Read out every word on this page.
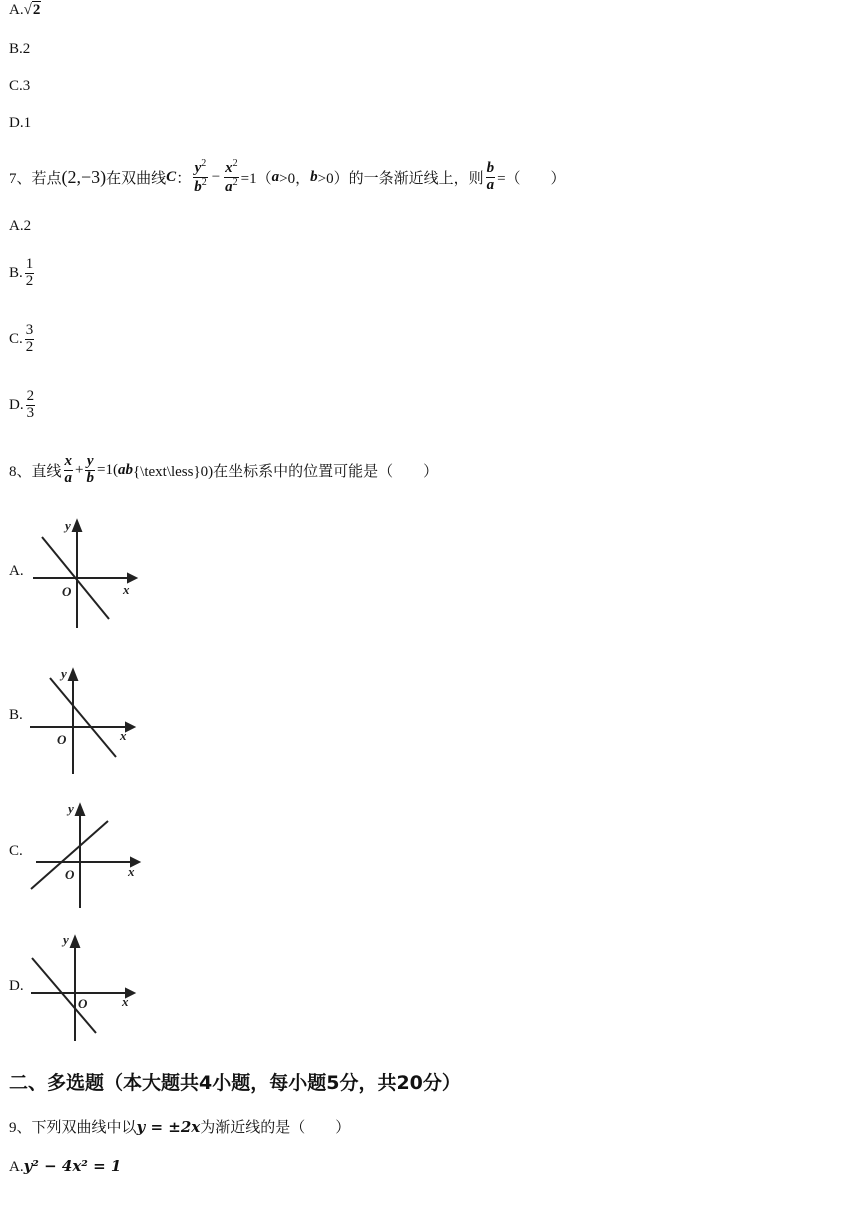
A.√2
B.2
C.3
D.1
7、若点 (2,−3) 在双曲线 C ： $\frac{y^2}{b^2} - \frac{x^2}{a^2} =1$（ a >0， b >0）的一条渐近线上，则 $\frac{b}{a}$ =（　　）
A.2
B. $\frac{1}{2}$
C. $\frac{3}{2}$
D. $\frac{2}{3}$
8、直线 $\frac{x}{a} + \frac{y}{b} =1$( ab {\text\less}0)在坐标系中的位置可能是（　　）
A.
y
x
O
B.
y
x
O
C.
y
x
O
D.
y
x
O
二、多选题（本大题共4小题，每小题5分，共20分）
9、下列双曲线中以y = ±2x为渐近线的是（　　）
A.y² − 4x² = 1
